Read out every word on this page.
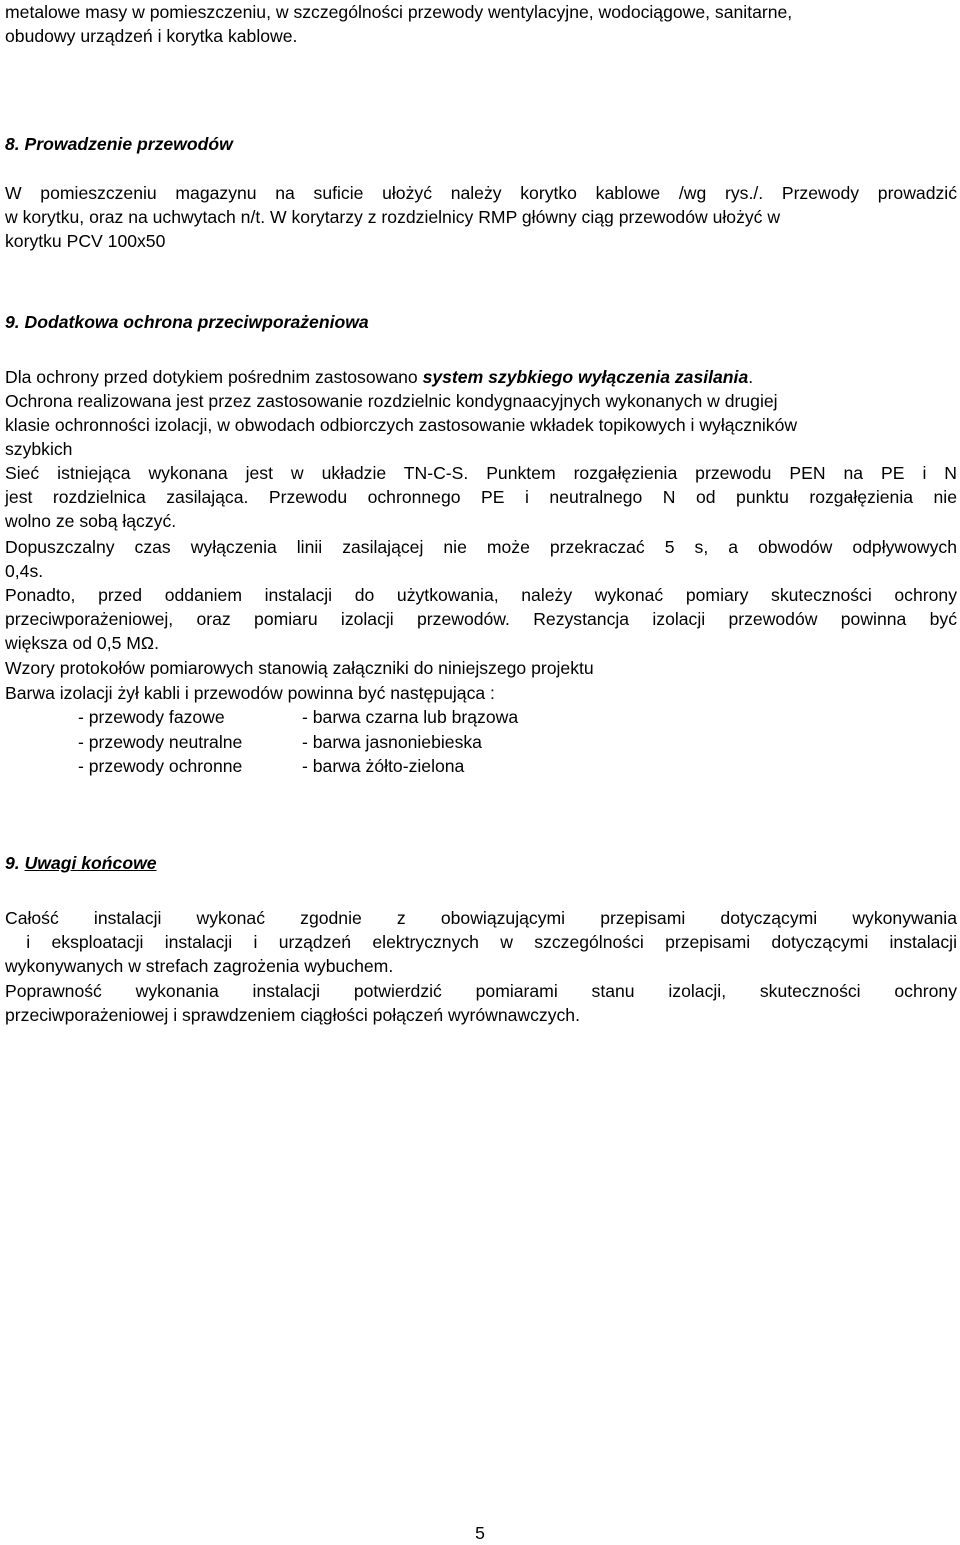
metalowe masy w pomieszczeniu, w szczególności przewody wentylacyjne, wodociągowe, sanitarne,
obudowy urządzeń i korytka kablowe.
8. Prowadzenie przewodów
W pomieszczeniu magazynu na suficie ułożyć należy korytko kablowe /wg rys./. Przewody prowadzić
w korytku, oraz na uchwytach n/t. W korytarzy z rozdzielnicy RMP główny ciąg przewodów ułożyć w
korytku PCV 100x50
9. Dodatkowa ochrona przeciwporażeniowa
Dla ochrony przed dotykiem pośrednim zastosowano system szybkiego wyłączenia zasilania.
Ochrona realizowana jest przez zastosowanie rozdzielnic kondygnaacyjnych wykonanych w drugiej
klasie ochronności izolacji, w obwodach odbiorczych zastosowanie wkładek topikowych i wyłączników
szybkich
Sieć istniejąca wykonana jest w układzie TN-C-S. Punktem rozgałęzienia przewodu PEN na PE i N
jest rozdzielnica zasilająca. Przewodu ochronnego PE i neutralnego N od punktu rozgałęzienia nie
wolno ze sobą łączyć.
Dopuszczalny czas wyłączenia linii zasilającej nie może przekraczać 5 s, a obwodów odpływowych
0,4s.
Ponadto, przed oddaniem instalacji do użytkowania, należy wykonać pomiary skuteczności ochrony
przeciwporażeniowej, oraz pomiaru izolacji przewodów. Rezystancja izolacji przewodów powinna być
większa od 0,5 MΩ.
Wzory protokołów pomiarowych stanowią załączniki do niniejszego projektu
Barwa izolacji żył kabli i przewodów powinna być następująca :
- przewody fazowe	- barwa czarna lub brązowa
- przewody neutralne	- barwa jasnoniebieska
- przewody ochronne	- barwa żółto-zielona
9. Uwagi końcowe
Całość instalacji wykonać zgodnie z obowiązującymi przepisami dotyczącymi wykonywania
i eksploatacji instalacji i urządzeń elektrycznych w szczególności przepisami dotyczącymi instalacji
wykonywanych w strefach zagrożenia wybuchem.
Poprawność wykonania instalacji potwierdzić pomiarami stanu izolacji, skuteczności ochrony
przeciwporażeniowej i sprawdzeniem ciągłości połączeń wyrównawczych.
5
